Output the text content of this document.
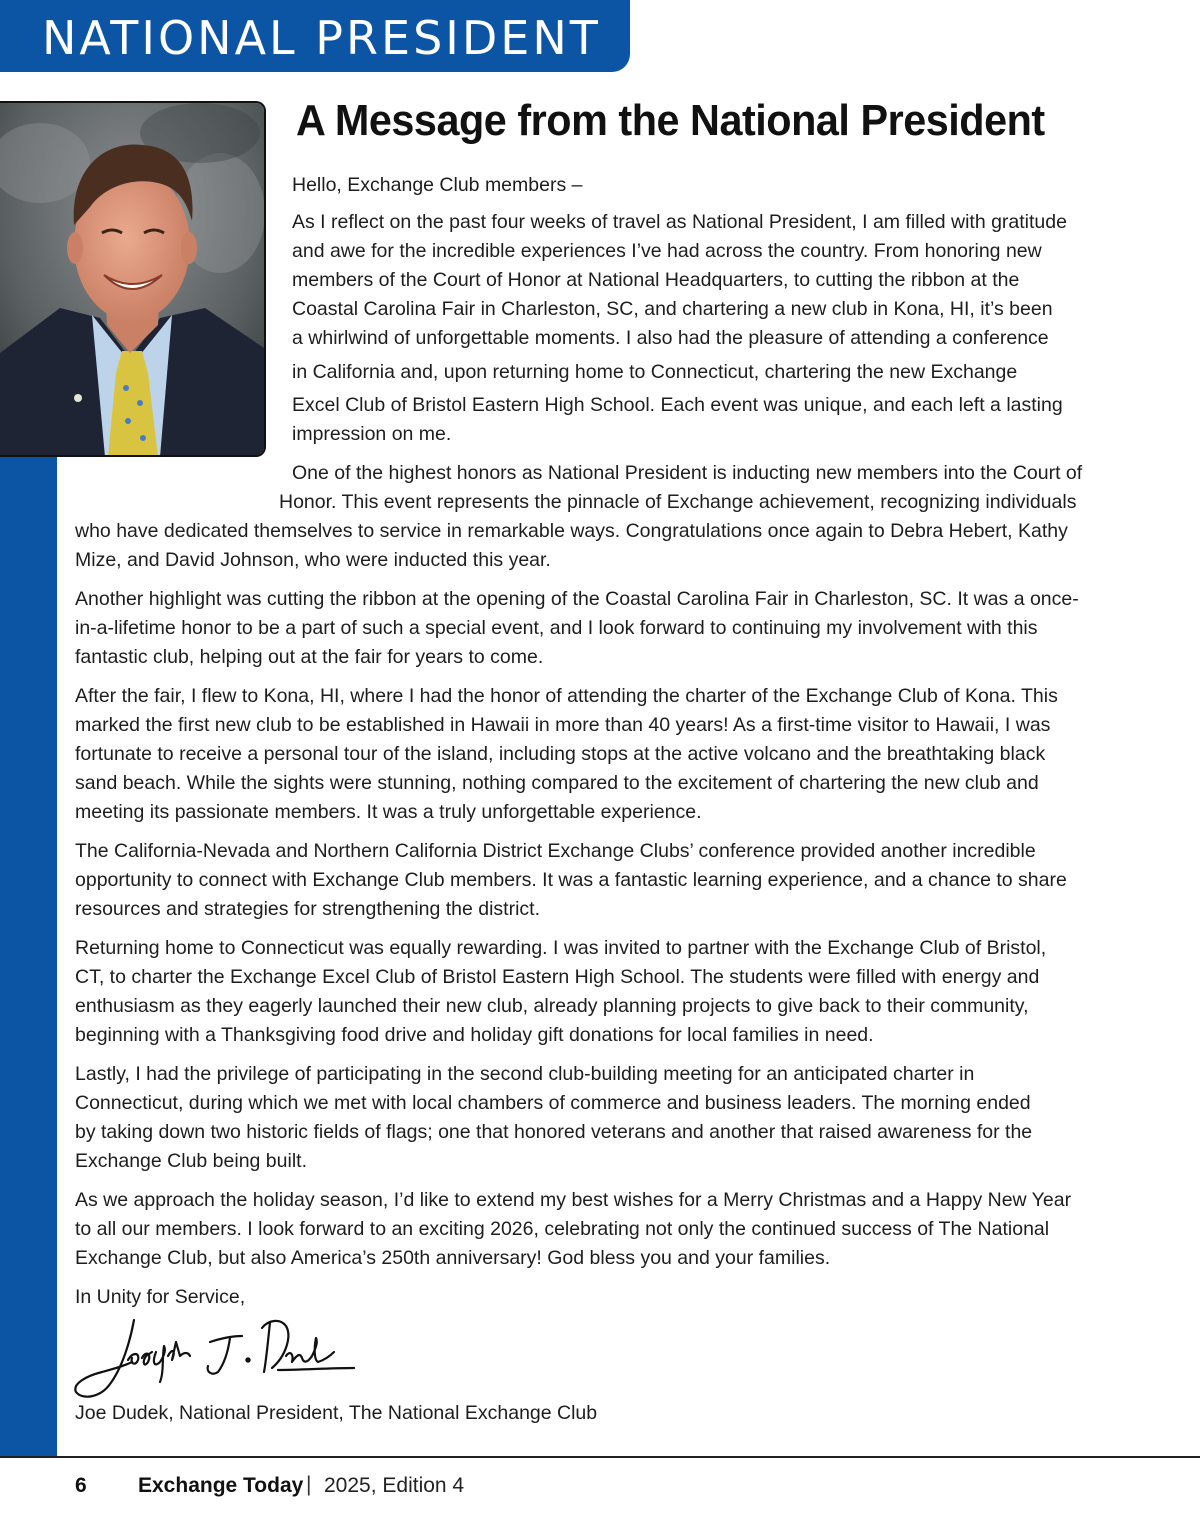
NATIONAL PRESIDENT
A Message from the National President

Hello, Exchange Club members –

As I reflect on the past four weeks of travel as National President, I am filled with gratitude

and awe for the incredible experiences I’ve had across the country. From honoring new

members of the Court of Honor at National Headquarters, to cutting the ribbon at the

Coastal Carolina Fair in Charleston, SC, and chartering a new club in Kona, HI, it’s been

a whirlwind of unforgettable moments. I also had the pleasure of attending a conference

in California and, upon returning home to Connecticut, chartering the new Exchange

Excel Club of Bristol Eastern High School. Each event was unique, and each left a lasting

impression on me.

One of the highest honors as National President is inducting new members into the Court of

Honor. This event represents the pinnacle of Exchange achievement, recognizing individuals

who have dedicated themselves to service in remarkable ways. Congratulations once again to Debra Hebert, Kathy

Mize, and David Johnson, who were inducted this year.

Another highlight was cutting the ribbon at the opening of the Coastal Carolina Fair in Charleston, SC. It was a once-

in-a-lifetime honor to be a part of such a special event, and I look forward to continuing my involvement with this

fantastic club, helping out at the fair for years to come.

After the fair, I flew to Kona, HI, where I had the honor of attending the charter of the Exchange Club of Kona. This

marked the first new club to be established in Hawaii in more than 40 years! As a first-time visitor to Hawaii, I was

fortunate to receive a personal tour of the island, including stops at the active volcano and the breathtaking black

sand beach. While the sights were stunning, nothing compared to the excitement of chartering the new club and

meeting its passionate members. It was a truly unforgettable experience.

The California-Nevada and Northern California District Exchange Clubs’ conference provided another incredible

opportunity to connect with Exchange Club members. It was a fantastic learning experience, and a chance to share

resources and strategies for strengthening the district.

Returning home to Connecticut was equally rewarding. I was invited to partner with the Exchange Club of Bristol,

CT, to charter the Exchange Excel Club of Bristol Eastern High School. The students were filled with energy and

enthusiasm as they eagerly launched their new club, already planning projects to give back to their community,

beginning with a Thanksgiving food drive and holiday gift donations for local families in need.

Lastly, I had the privilege of participating in the second club-building meeting for an anticipated charter in

Connecticut, during which we met with local chambers of commerce and business leaders. The morning ended

by taking down two historic fields of flags; one that honored veterans and another that raised awareness for the

Exchange Club being built.

As we approach the holiday season, I’d like to extend my best wishes for a Merry Christmas and a Happy New Year

to all our members. I look forward to an exciting 2026, celebrating not only the continued success of The National

Exchange Club, but also America’s 250th anniversary! God bless you and your families.

In Unity for Service,

Joe Dudek, National President, The National Exchange Club

6 Exchange Today | 2025, Edition 4
